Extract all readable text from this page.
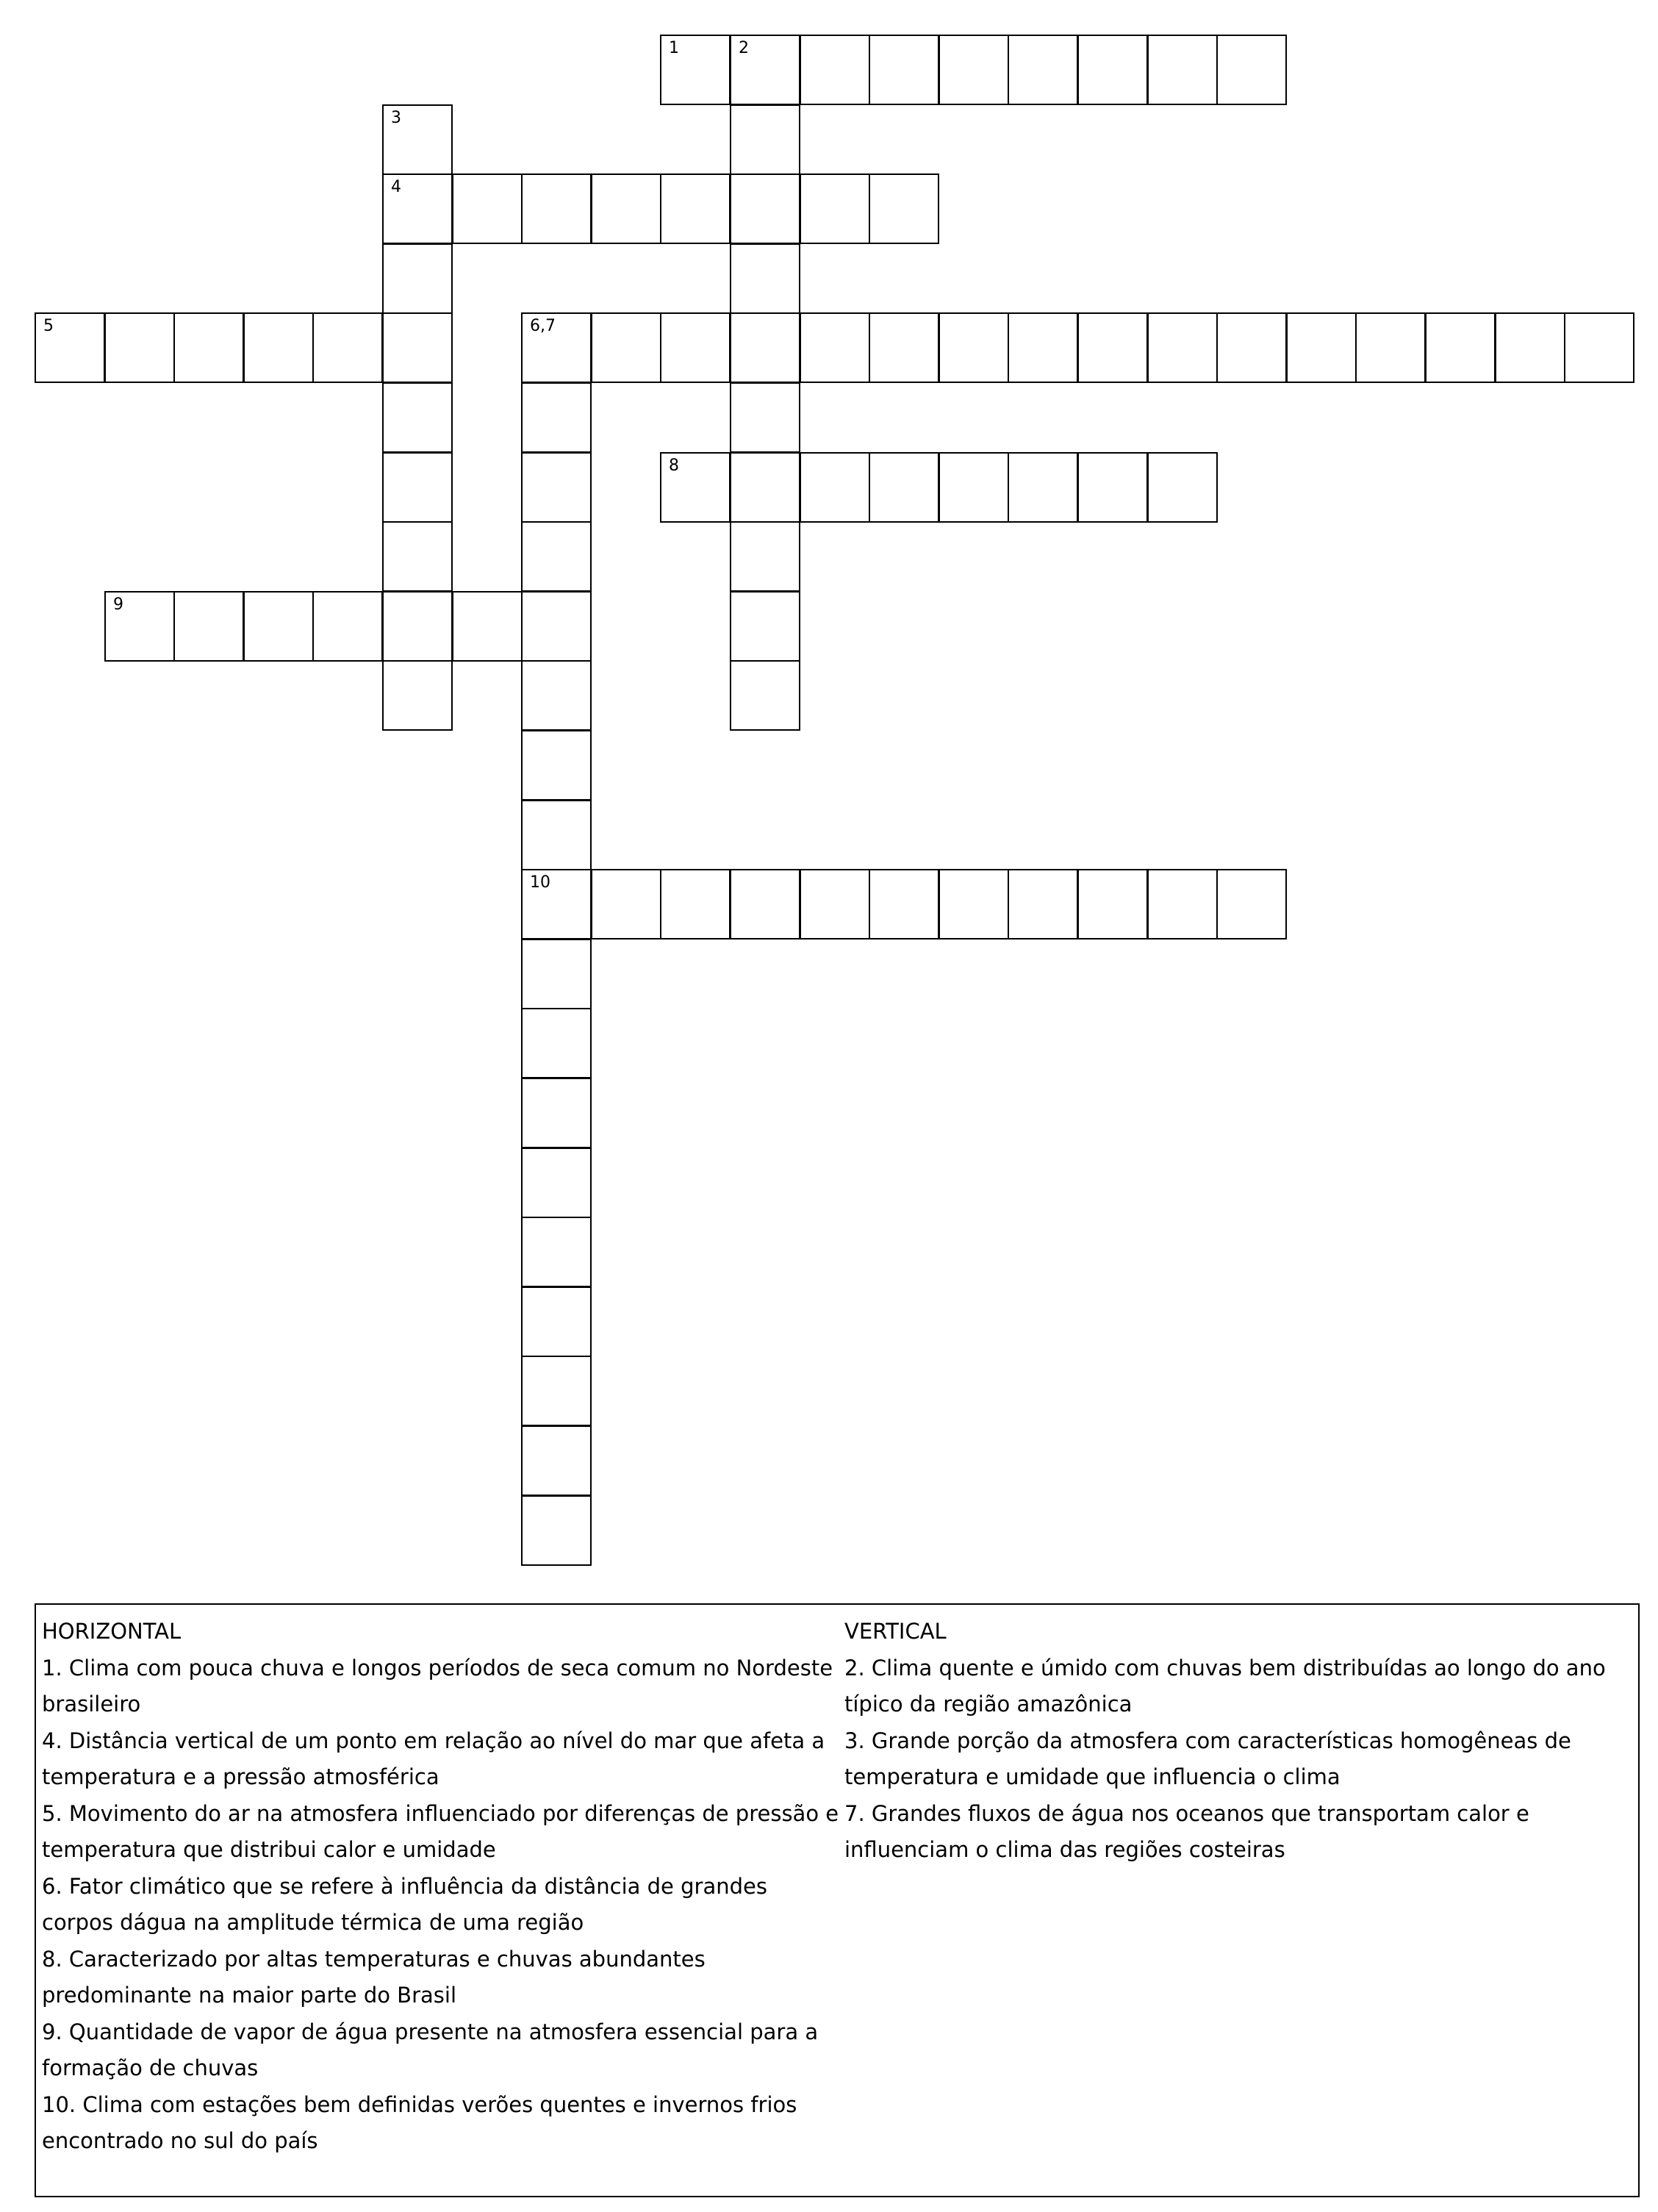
1	2
3
4
5	6,7
8
9
10
HORIZONTAL
1. Clima com pouca chuva e longos períodos de seca comum no Nordeste brasileiro
4. Distância vertical de um ponto em relação ao nível do mar que afeta a temperatura e a pressão atmosférica
5. Movimento do ar na atmosfera influenciado por diferenças de pressão e temperatura que distribui calor e umidade
6. Fator climático que se refere à influência da distância de grandes corpos dágua na amplitude térmica de uma região
8. Caracterizado por altas temperaturas e chuvas abundantes predominante na maior parte do Brasil
9. Quantidade de vapor de água presente na atmosfera essencial para a formação de chuvas
10. Clima com estações bem definidas verões quentes e invernos frios encontrado no sul do país
VERTICAL
2. Clima quente e úmido com chuvas bem distribuídas ao longo do ano típico da região amazônica
3. Grande porção da atmosfera com características homogêneas de temperatura e umidade que influencia o clima
7. Grandes fluxos de água nos oceanos que transportam calor e influenciam o clima das regiões costeiras
